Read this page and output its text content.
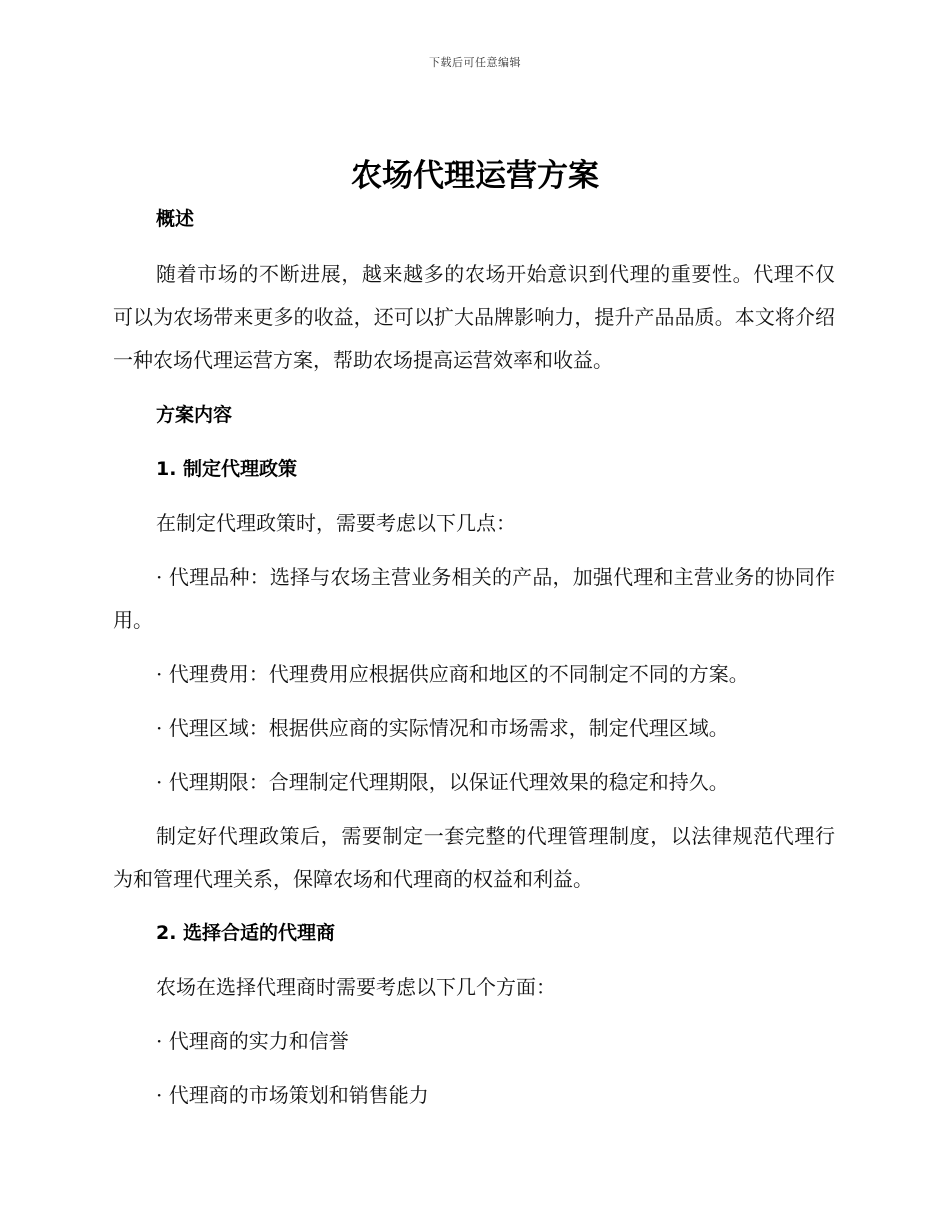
下载后可任意编辑
农场代理运营方案

概述

随着市场的不断进展，越来越多的农场开始意识到代理的重要性。代理不仅可以为农场带来更多的收益，还可以扩大品牌影响力，提升产品品质。本文将介绍一种农场代理运营方案，帮助农场提高运营效率和收益。

方案内容

1. 制定代理政策

在制定代理政策时，需要考虑以下几点：

· 代理品种：选择与农场主营业务相关的产品，加强代理和主营业务的协同作用。

· 代理费用：代理费用应根据供应商和地区的不同制定不同的方案。

· 代理区域：根据供应商的实际情况和市场需求，制定代理区域。

· 代理期限：合理制定代理期限，以保证代理效果的稳定和持久。

制定好代理政策后，需要制定一套完整的代理管理制度，以法律规范代理行为和管理代理关系，保障农场和代理商的权益和利益。

2. 选择合适的代理商

农场在选择代理商时需要考虑以下几个方面：

· 代理商的实力和信誉

· 代理商的市场策划和销售能力
